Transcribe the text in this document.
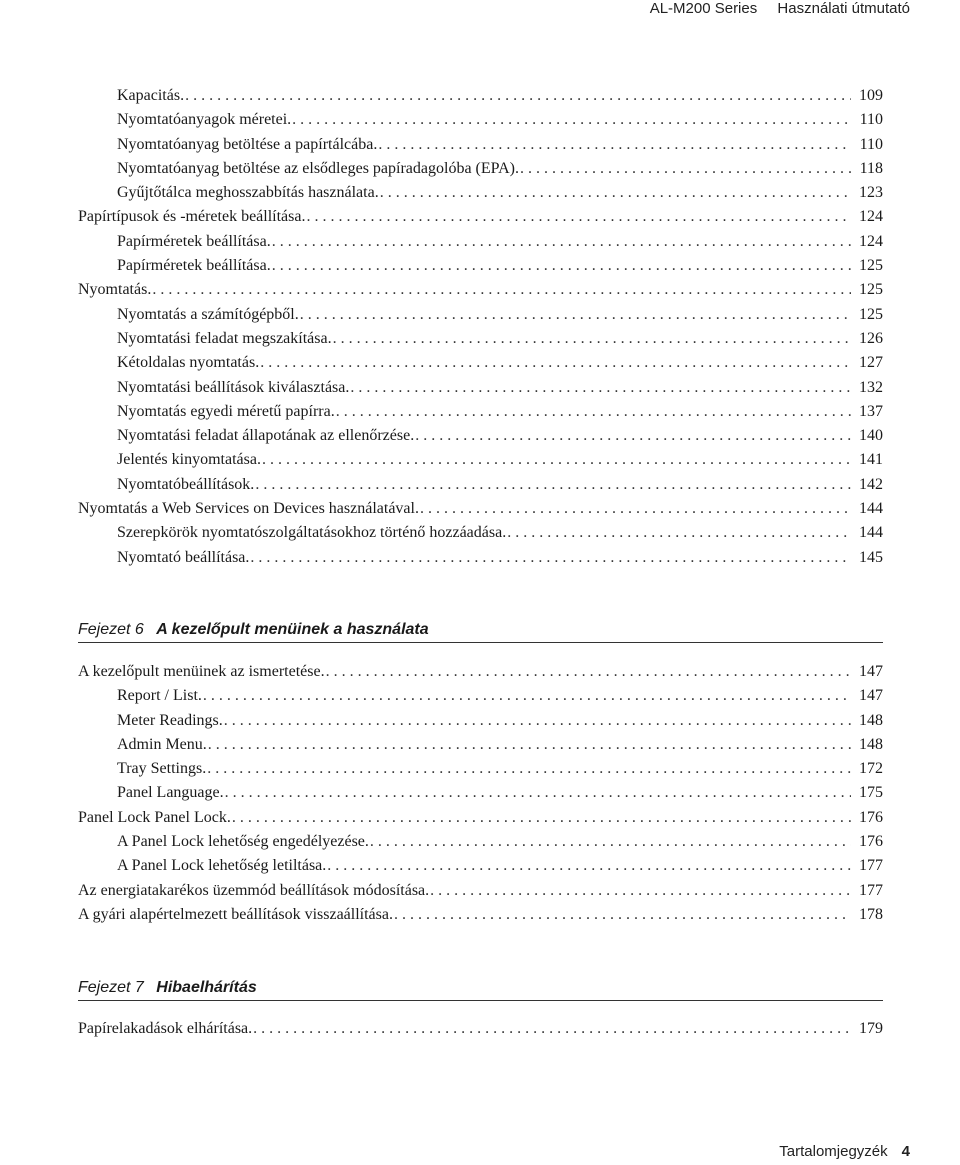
AL-M200 Series Használati útmutató
Kapacitás. . . .	109
Nyomtatóanyagok méretei. . . .	110
Nyomtatóanyag betöltése a papírtálcába. . . .	110
Nyomtatóanyag betöltése az elsődleges papíradagolóba (EPA). . . .	118
Gyűjtőtálca meghosszabbítás használata. . . .	123
Papírtípusok és -méretek beállítása. . . .	124
Papírméretek beállítása. . . .	124
Papírméretek beállítása. . . .	125
Nyomtatás. . . .	125
Nyomtatás a számítógépből. . . .	125
Nyomtatási feladat megszakítása. . . .	126
Kétoldalas nyomtatás. . . .	127
Nyomtatási beállítások kiválasztása. . . .	132
Nyomtatás egyedi méretű papírra. . . .	137
Nyomtatási feladat állapotának az ellenőrzése. . . .	140
Jelentés kinyomtatása. . . .	141
Nyomtatóbeállítások. . . .	142
Nyomtatás a Web Services on Devices használatával. . . .	144
Szerepkörök nyomtatószolgáltatásokhoz történő hozzáadása. . . .	144
Nyomtató beállítása. . . .	145
Fejezet 6 A kezelőpult menüinek a használata
A kezelőpult menüinek az ismertetése. . . .	147
Report / List. . . .	147
Meter Readings. . . .	148
Admin Menu. . . .	148
Tray Settings. . . .	172
Panel Language. . . .	175
Panel Lock Panel Lock. . . .	176
A Panel Lock lehetőség engedélyezése. . . .	176
A Panel Lock lehetőség letiltása. . . .	177
Az energiatakarékos üzemmód beállítások módosítása. . . .	177
A gyári alapértelmezett beállítások visszaállítása. . . .	178
Fejezet 7 Hibaelhárítás
Papírelakadások elhárítása. . . .	179
Tartalomjegyzék 4
